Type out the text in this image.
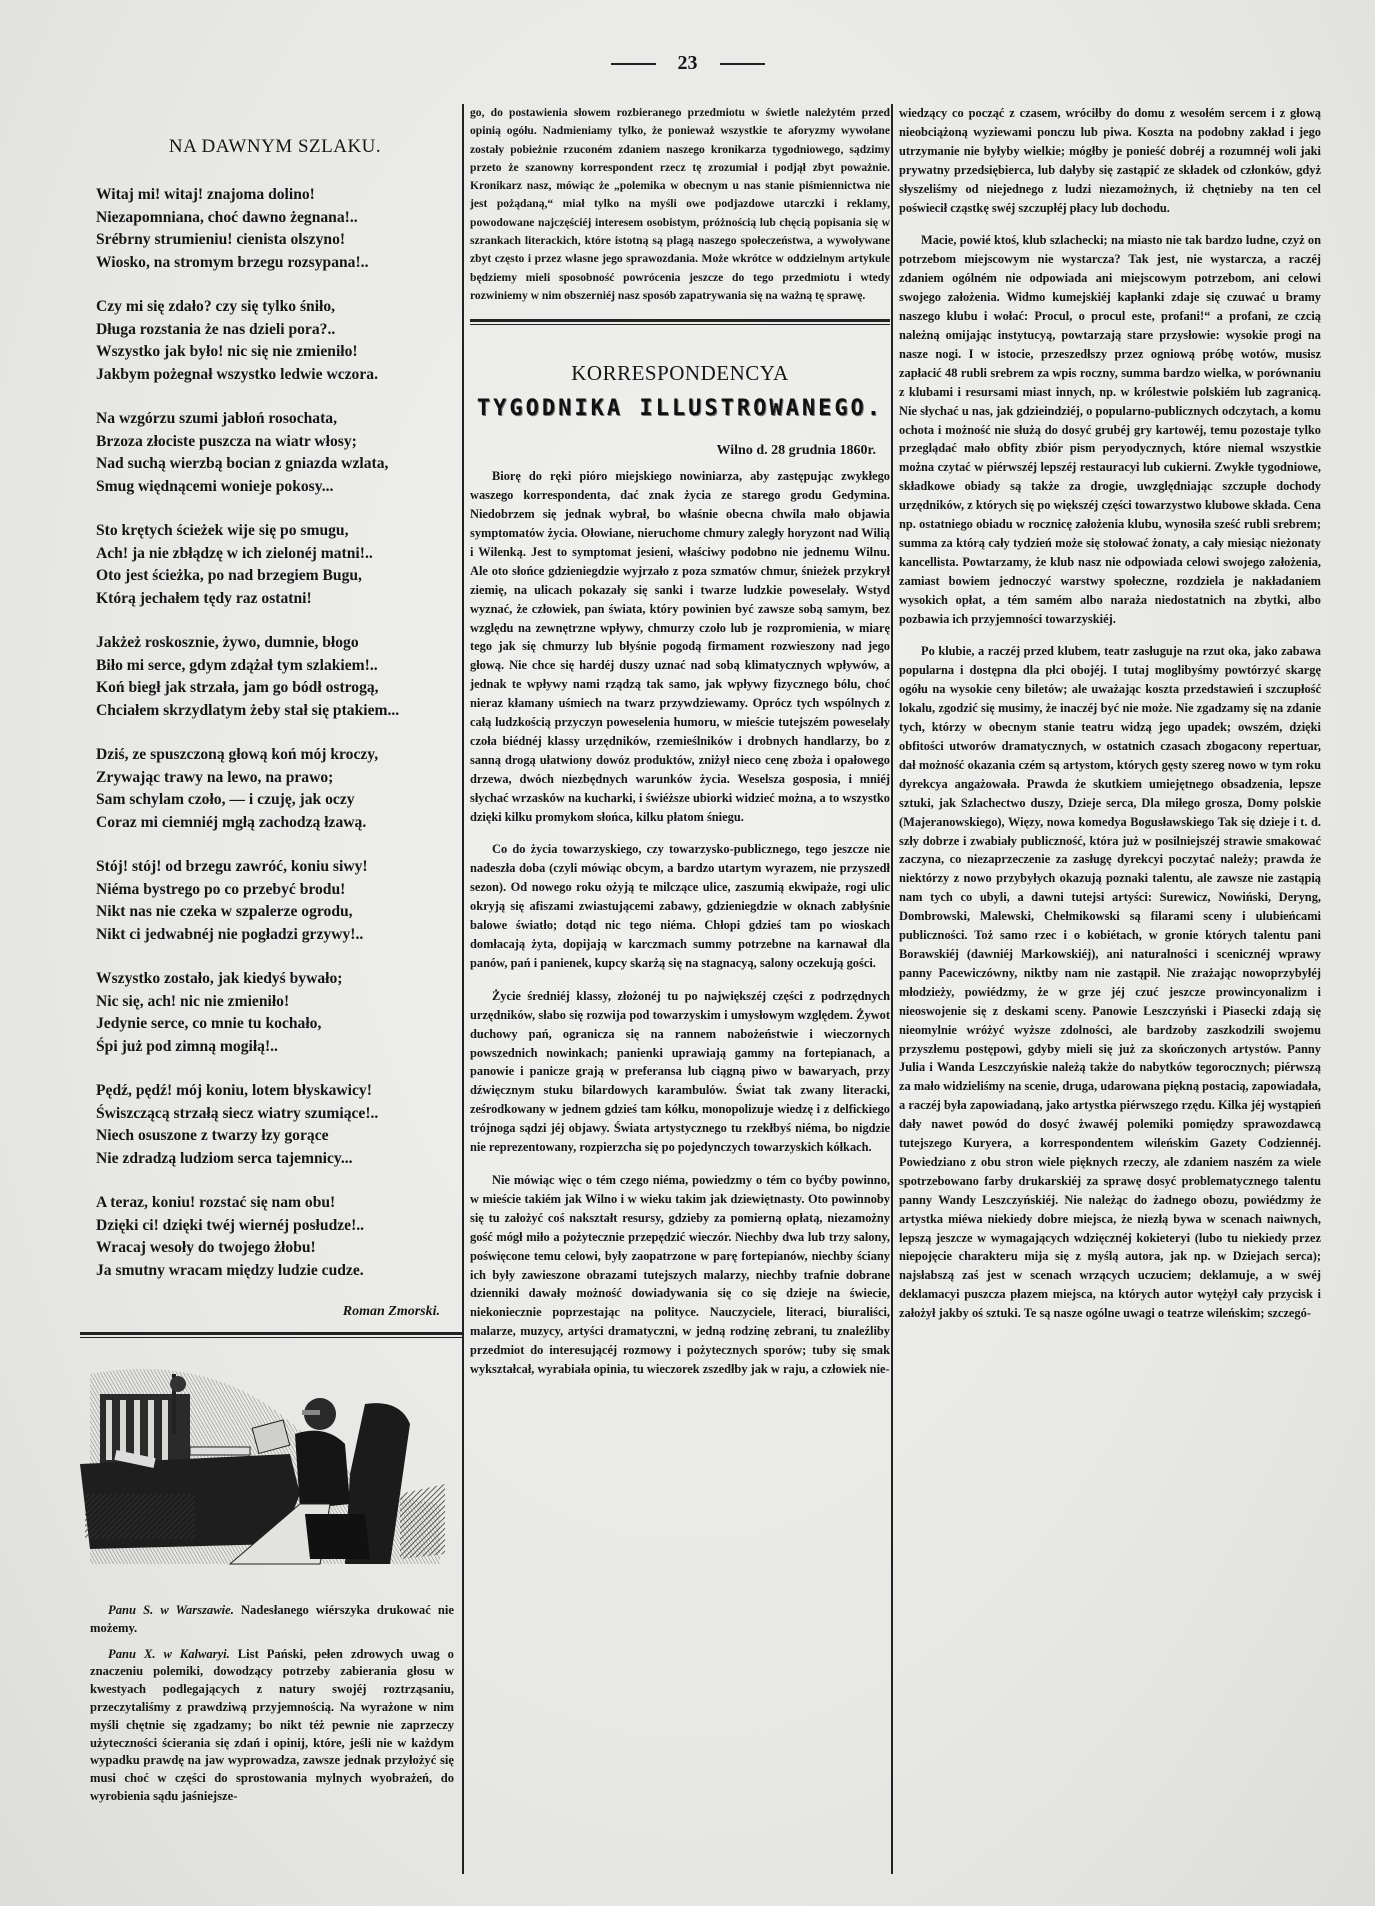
23
NA DAWNYM SZLAKU.
Witaj mi! witaj! znajoma dolino!
Niezapomniana, choć dawno żegnana!..
Srébrny strumieniu! cienista olszyno!
Wiosko, na stromym brzegu rozsypana!..
Czy mi się zdało? czy się tylko śniło,
Długa rozstania że nas dzieli pora?..
Wszystko jak było! nic się nie zmieniło!
Jakbym pożegnał wszystko ledwie wczora.
Na wzgórzu szumi jabłoń rosochata,
Brzoza złociste puszcza na wiatr włosy;
Nad suchą wierzbą bocian z gniazda wzlata,
Smug więdnącemi wonieje pokosy...
Sto krętych ścieżek wije się po smugu,
Ach! ja nie zbłądzę w ich zielonéj matni!..
Oto jest ścieżka, po nad brzegiem Bugu,
Którą jechałem tędy raz ostatni!
Jakżeż roskosznie, żywo, dumnie, błogo
Biło mi serce, gdym zdążał tym szlakiem!..
Koń biegł jak strzała, jam go bódł ostrogą,
Chciałem skrzydlatym żeby stał się ptakiem...
Dziś, ze spuszczoną głową koń mój kroczy,
Zrywając trawy na lewo, na prawo;
Sam schylam czoło, — i czuję, jak oczy
Coraz mi ciemniéj mgłą zachodzą łzawą.
Stój! stój! od brzegu zawróć, koniu siwy!
Niéma bystrego po co przebyć brodu!
Nikt nas nie czeka w szpalerze ogrodu,
Nikt ci jedwabnéj nie pogładzi grzywy!..
Wszystko zostało, jak kiedyś bywało;
Nic się, ach! nic nie zmieniło!
Jedynie serce, co mnie tu kochało,
Śpi już pod zimną mogiłą!..
Pędź, pędź! mój koniu, lotem błyskawicy!
Świszczącą strzałą siecz wiatry szumiące!..
Niech osuszone z twarzy łzy gorące
Nie zdradzą ludziom serca tajemnicy...
A teraz, koniu! rozstać się nam obu!
Dzięki ci! dzięki twéj wiernéj posłudze!..
Wracaj wesoły do twojego żłobu!
Ja smutny wracam między ludzie cudze.
Roman Zmorski.

Panu S. w Warszawie. Nadesłanego wiérszyka drukować nie możemy.

Panu X. w Kalwaryi. List Pański, pełen zdrowych uwag o znaczeniu polemiki, dowodzący potrzeby zabierania głosu w kwestyach podlegających z natury swojéj roztrząsaniu, przeczytaliśmy z prawdziwą przyjemnością. Na wyrażone w nim myśli chętnie się zgadzamy; bo nikt téż pewnie nie zaprzeczy użyteczności ścierania się zdań i opinij, które, jeśli nie w każdym wypadku prawdę na jaw wyprowadza, zawsze jednak przyłożyć się musi choć w części do sprostowania mylnych wyobrażeń, do wyrobienia sądu jaśniejsze-

go, do postawienia słowem rozbieranego przedmiotu w świetle należytém przed opinią ogółu. Nadmieniamy tylko, że ponieważ wszystkie te aforyzmy wywołane zostały pobieżnie rzuconém zdaniem naszego kronikarza tygodniowego, sądzimy przeto że szanowny korrespondent rzecz tę zrozumiał i podjął zbyt poważnie. Kronikarz nasz, mówiąc że „polemika w obecnym u nas stanie piśmiennictwa nie jest pożądaną,“ miał tylko na myśli owe podjazdowe utarczki i reklamy, powodowane najczęściéj interesem osobistym, próżnością lub chęcią popisania się w szrankach literackich, które istotną są plagą naszego społeczeństwa, a wywoływane zbyt często i przez własne jego sprawozdania. Może wkrótce w oddzielnym artykule będziemy mieli sposobność powrócenia jeszcze do tego przedmiotu i wtedy rozwiniemy w nim obszerniéj nasz sposób zapatrywania się na ważną tę sprawę.

KORRESPONDENCYA
TYGODNIKA ILLUSTROWANEGO.
Wilno d. 28 grudnia 1860r.

Biorę do ręki pióro miejskiego nowiniarza, aby zastępując zwykłego waszego korrespondenta, dać znak życia ze starego grodu Gedymina. Niedobrzem się jednak wybrał, bo właśnie obecna chwila mało objawia symptomatów życia. Ołowiane, nieruchome chmury zaległy horyzont nad Wilią i Wilenką. Jest to symptomat jesieni, właściwy podobno nie jednemu Wilnu. Ale oto słońce gdzieniegdzie wyjrzało z poza szmatów chmur, śnieżek przykrył ziemię, na ulicach pokazały się sanki i twarze ludzkie poweselały. Wstyd wyznać, że człowiek, pan świata, który powinien być zawsze sobą samym, bez względu na zewnętrzne wpływy, chmurzy czoło lub je rozpromienia, w miarę tego jak się chmurzy lub błyśnie pogodą firmament rozwieszony nad jego głową. Nie chce się hardéj duszy uznać nad sobą klimatycznych wpływów, a jednak te wpływy nami rządzą tak samo, jak wpływy fizycznego bólu, choć nieraz kłamany uśmiech na twarz przywdziewamy. Oprócz tych wspólnych z całą ludzkością przyczyn poweselenia humoru, w mieście tutejszém poweselały czoła biédnéj klassy urzędników, rzemieślników i drobnych handlarzy, bo z sanną drogą ułatwiony dowóz produktów, zniżył nieco cenę zboża i opałowego drzewa, dwóch niezbędnych warunków życia. Weselsza gosposia, i mniéj słychać wrzasków na kucharki, i świéższe ubiorki widzieć można, a to wszystko dzięki kilku promykom słońca, kilku płatom śniegu.

Co do życia towarzyskiego, czy towarzysko-publicznego, tego jeszcze nie nadeszła doba (czyli mówiąc obcym, a bardzo utartym wyrazem, nie przyszedł sezon). Od nowego roku ożyją te milczące ulice, zaszumią ekwipaże, rogi ulic okryją się afiszami zwiastującemi zabawy, gdzieniegdzie w oknach zabłyśnie balowe światło; dotąd nic tego niéma. Chłopi gdzieś tam po wioskach domłacają żyta, dopijają w karczmach summy potrzebne na karnawał dla panów, pań i panienek, kupcy skarżą się na stagnacyą, salony oczekują gości.

Życie średniéj klassy, złożonéj tu po największéj części z podrzędnych urzędników, słabo się rozwija pod towarzyskim i umysłowym względem. Żywot duchowy pań, ogranicza się na rannem nabożeństwie i wieczornych powszednich nowinkach; panienki uprawiają gammy na fortepianach, a panowie i panicze grają w preferansa lub ciągną piwo w bawaryach, przy dźwięcznym stuku bilardowych karambulów. Świat tak zwany literacki, ześrodkowany w jednem gdzieś tam kółku, monopolizuje wiedzę i z delfickiego trójnoga sądzi jéj objawy. Świata artystycznego tu rzekłbyś niéma, bo nigdzie nie reprezentowany, rozpierzcha się po pojedynczych towarzyskich kółkach.

Nie mówiąc więc o tém czego niéma, powiedzmy o tém co byćby powinno, w mieście takiém jak Wilno i w wieku takim jak dziewiętnasty. Oto powinnoby się tu założyć coś nakształt resursy, gdzieby za pomierną opłatą, niezamożny gość mógł miło a pożytecznie przepędzić wieczór. Niechby dwa lub trzy salony, poświęcone temu celowi, były zaopatrzone w parę fortepianów, niechby ściany ich były zawieszone obrazami tutejszych malarzy, niechby trafnie dobrane dzienniki dawały możność dowiadywania się co się dzieje na świecie, niekoniecznie poprzestając na polityce. Nauczyciele, literaci, biuraliści, malarze, muzycy, artyści dramatyczni, w jedną rodzinę zebrani, tu znaleźliby przedmiot do interesującéj rozmowy i pożytecznych sporów; tuby się smak wykształcał, wyrabiała opinia, tu wieczorek zszedłby jak w raju, a człowiek nie-

wiedzący co począć z czasem, wróciłby do domu z wesołém sercem i z głową nieobciążoną wyziewami ponczu lub piwa. Koszta na podobny zakład i jego utrzymanie nie byłyby wielkie; mógłby je ponieść dobréj a rozumnéj woli jaki prywatny przedsiębierca, lub dałyby się zastąpić ze składek od członków, gdyż słyszeliśmy od niejednego z ludzi niezamożnych, iż chętnieby na ten cel poświecił cząstkę swéj szczupłéj płacy lub dochodu.

Macie, powié ktoś, klub szlachecki; na miasto nie tak bardzo ludne, czyż on potrzebom miejscowym nie wystarcza? Tak jest, nie wystarcza, a raczéj zdaniem ogólném nie odpowiada ani miejscowym potrzebom, ani celowi swojego założenia. Widmo kumejskiéj kapłanki zdaje się czuwać u bramy naszego klubu i wołać: Procul, o procul este, profani!“ a profani, ze czcią należną omijając instytucyą, powtarzają stare przysłowie: wysokie progi na nasze nogi. I w istocie, przeszedłszy przez ogniową próbę wotów, musisz zapłacić 48 rubli srebrem za wpis roczny, summa bardzo wielka, w porównaniu z klubami i resursami miast innych, np. w królestwie polskiém lub zagranicą. Nie słychać u nas, jak gdzieindziéj, o popularno-publicznych odczytach, a komu ochota i możność nie służą do dosyć grubéj gry kartowéj, temu pozostaje tylko przeglądać mało obfity zbiór pism peryodycznych, które niemal wszystkie można czytać w piérwszéj lepszéj restauracyi lub cukierni. Zwykłe tygodniowe, składkowe obiady są także za drogie, uwzględniając szczupłe dochody urzędników, z których się po większéj części towarzystwo klubowe składa. Cena np. ostatniego obiadu w rocznicę założenia klubu, wynosiła sześć rubli srebrem; summa za którą cały tydzień może się stołować żonaty, a cały miesiąc nieżonaty kancellista. Powtarzamy, że klub nasz nie odpowiada celowi swojego założenia, zamiast bowiem jednoczyć warstwy społeczne, rozdziela je nakładaniem wysokich opłat, a tém samém albo naraża niedostatnich na zbytki, albo pozbawia ich przyjemności towarzyskiéj.

Po klubie, a raczéj przed klubem, teatr zasługuje na rzut oka, jako zabawa popularna i dostępna dla płci obojéj. I tutaj moglibyśmy powtórzyć skargę ogółu na wysokie ceny biletów; ale uważając koszta przedstawień i szczupłość lokalu, zgodzić się musimy, że inaczéj być nie może. Nie zgadzamy się na zdanie tych, którzy w obecnym stanie teatru widzą jego upadek; owszém, dzięki obfitości utworów dramatycznych, w ostatnich czasach zbogacony repertuar, dał możność okazania czém są artystom, których gęsty szereg nowo w tym roku dyrekcya angażowała. Prawda że skutkiem umiejętnego obsadzenia, lepsze sztuki, jak Szlachectwo duszy, Dzieje serca, Dla miłego grosza, Domy polskie (Majeranowskiego), Więzy, nowa komedya Bogusławskiego Tak się dzieje i t. d. szły dobrze i zwabiały publiczność, która już w posilniejszéj strawie smakować zaczyna, co niezaprzeczenie za zasługę dyrekcyi poczytać należy; prawda że niektórzy z nowo przybyłych okazują poznaki talentu, ale zawsze nie zastąpią nam tych co ubyli, a dawni tutejsi artyści: Surewicz, Nowiński, Deryng, Dombrowski, Malewski, Chełmikowski są filarami sceny i ulubieńcami publiczności. Toż samo rzec i o kobiétach, w gronie których talentu pani Borawskiéj (dawniéj Markowskiéj), ani naturalności i scenicznéj wprawy panny Pacewiczówny, niktby nam nie zastąpił. Nie zrażając nowoprzybyłéj młodzieży, powiédzmy, że w grze jéj czuć jeszcze prowincyonalizm i nieoswojenie się z deskami sceny. Panowie Leszczyński i Piasecki zdają się nieomylnie wróżyć wyższe zdolności, ale bardzoby zaszkodzili swojemu przyszłemu postępowi, gdyby mieli się już za skończonych artystów. Panny Julia i Wanda Leszczyńskie należą także do nabytków tegorocznych; piérwszą za mało widzieliśmy na scenie, druga, udarowana piękną postacią, zapowiadała, a raczéj była zapowiadaną, jako artystka piérwszego rzędu. Kilka jéj wystąpień dały nawet powód do dosyć żwawéj polemiki pomiędzy sprawozdawcą tutejszego Kuryera, a korrespondentem wileńskim Gazety Codziennéj. Powiedziano z obu stron wiele pięknych rzeczy, ale zdaniem naszém za wiele spotrzebowano farby drukarskiéj za sprawę dosyć problematycznego talentu panny Wandy Leszczyńskiéj. Nie należąc do żadnego obozu, powiédzmy że artystka miéwa niekiedy dobre miejsca, że niezłą bywa w scenach naiwnych, lepszą jeszcze w wymagających wdzięcznéj kokieteryi (lubo tu niekiedy przez niepojęcie charakteru mija się z myślą autora, jak np. w Dziejach serca); najsłabszą zaś jest w scenach wrzących uczuciem; deklamuje, a w swéj deklamacyi puszcza płazem miejsca, na których autor wytężył cały przycisk i założył jakby oś sztuki. Te są nasze ogólne uwagi o teatrze wileńskim; szczegó-
